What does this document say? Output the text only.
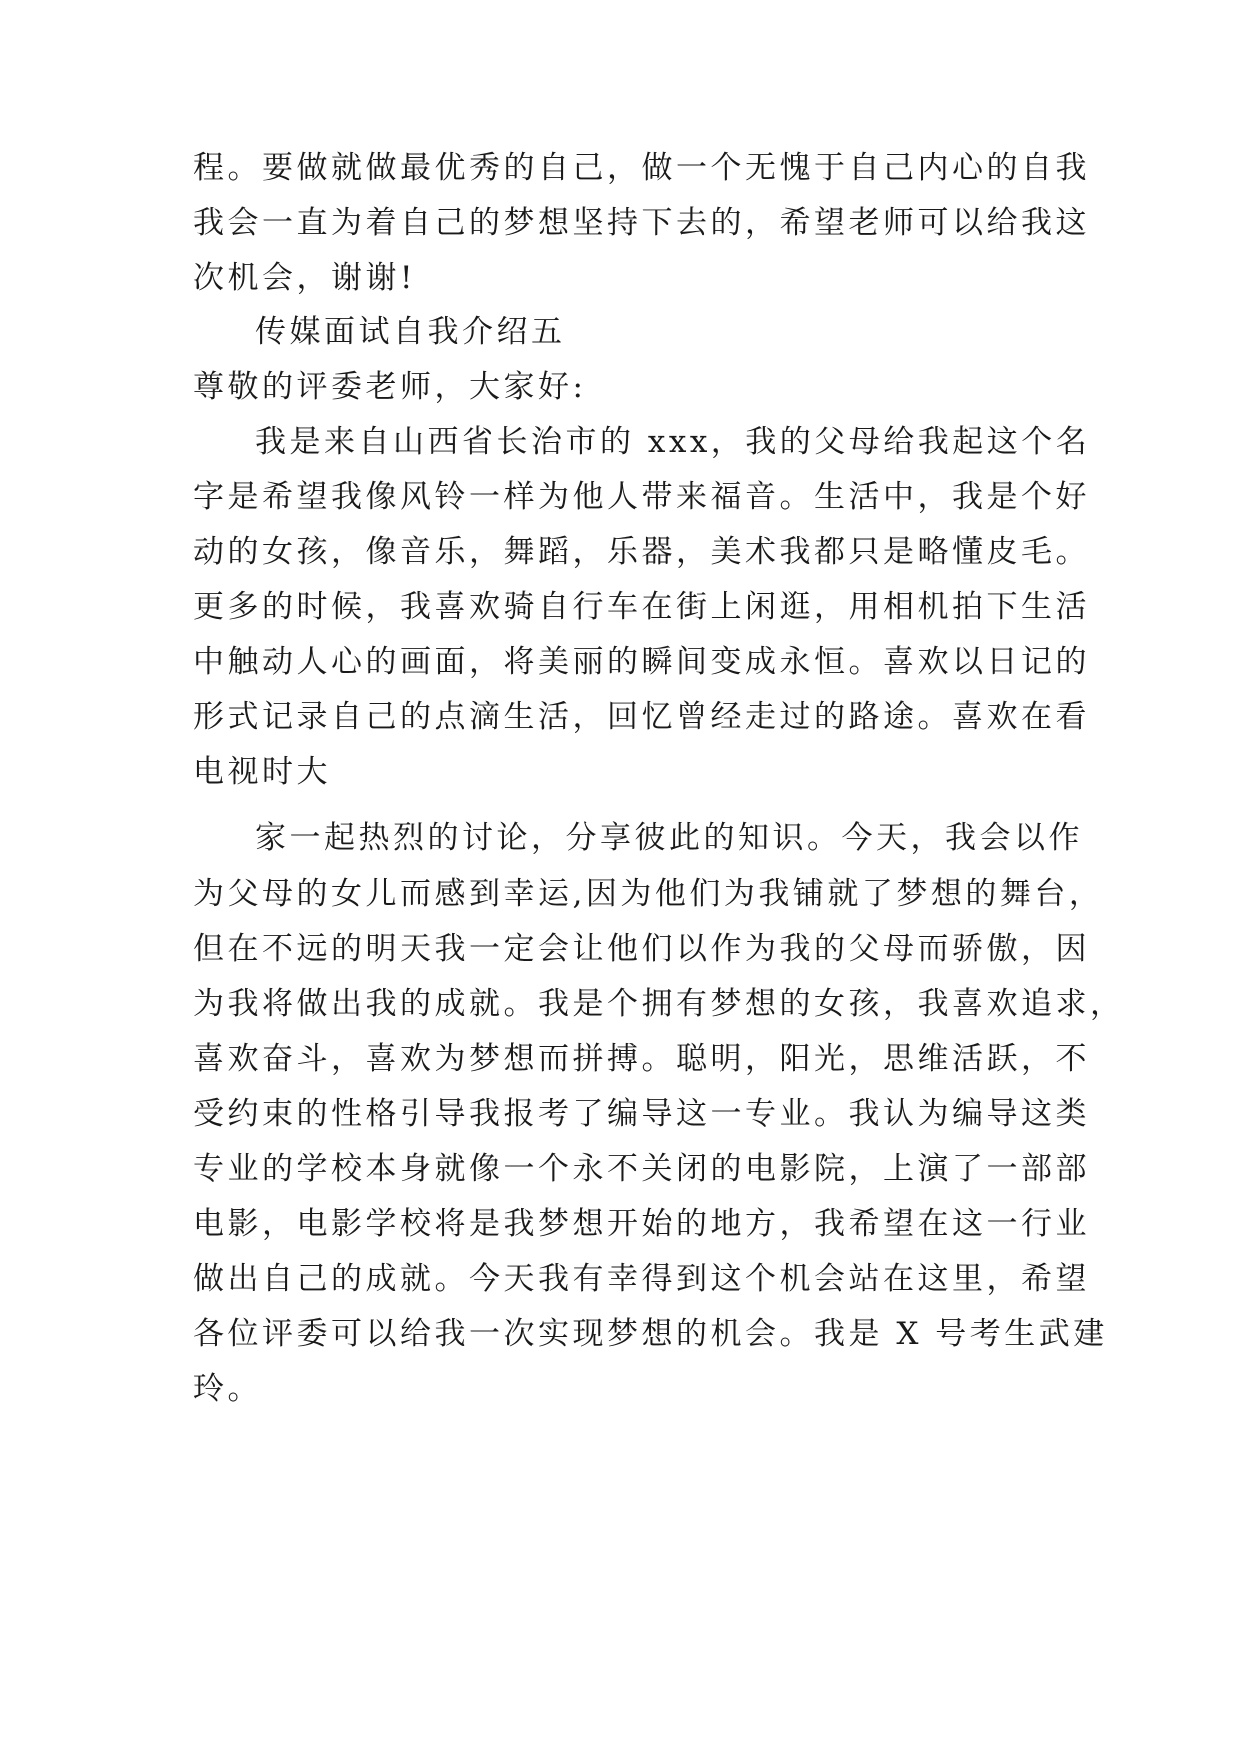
程。要做就做最优秀的自己，做一个无愧于自己内心的自我
我会一直为着自己的梦想坚持下去的，希望老师可以给我这
次机会，谢谢!
传媒面试自我介绍五
尊敬的评委老师，大家好:
我是来自山西省长治市的 xxx，我的父母给我起这个名
字是希望我像风铃一样为他人带来福音。生活中，我是个好
动的女孩，像音乐，舞蹈，乐器，美术我都只是略懂皮毛。
更多的时候，我喜欢骑自行车在街上闲逛，用相机拍下生活
中触动人心的画面，将美丽的瞬间变成永恒。喜欢以日记的
形式记录自己的点滴生活，回忆曾经走过的路途。喜欢在看
电视时大
家一起热烈的讨论，分享彼此的知识。今天，我会以作
为父母的女儿而感到幸运,因为他们为我铺就了梦想的舞台，
但在不远的明天我一定会让他们以作为我的父母而骄傲，因
为我将做出我的成就。我是个拥有梦想的女孩，我喜欢追求，
喜欢奋斗，喜欢为梦想而拼搏。聪明，阳光，思维活跃，不
受约束的性格引导我报考了编导这一专业。我认为编导这类
专业的学校本身就像一个永不关闭的电影院，上演了一部部
电影，电影学校将是我梦想开始的地方，我希望在这一行业
做出自己的成就。今天我有幸得到这个机会站在这里，希望
各位评委可以给我一次实现梦想的机会。我是 X 号考生武建
玲。
